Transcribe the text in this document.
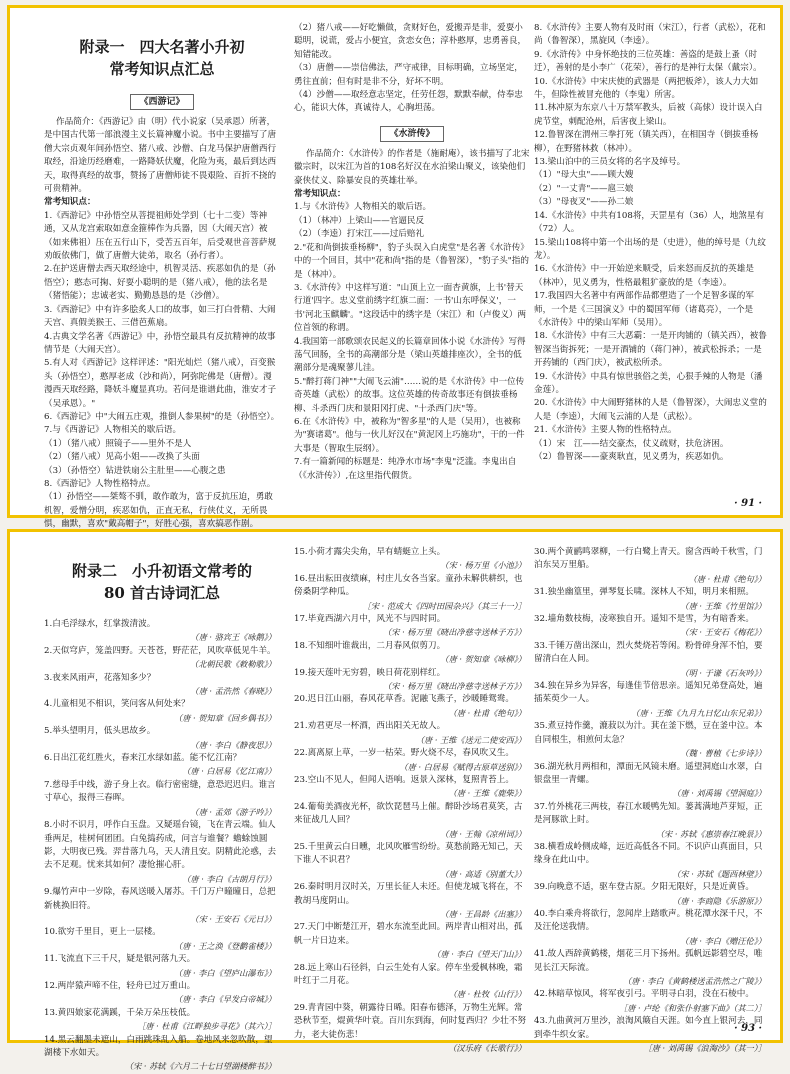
附录一　四大名著小升初
常考知识点汇总
《西游记》

作品简介：《西游记》由（明）代小说家（吴承恩）所著，是中国古代第一部浪漫主义长篇神魔小说。书中主要描写了唐僧大宗贞观年间孙悟空、猪八戒、沙僧、白龙马保护唐僧西行取经，沿途历经磨难，一路降妖伏魔，化险为夷，最后到达西天，取得真经的故事，赞扬了唐僧师徒不畏艰险、百折不挠的可贵精神。

常考知识点：

1.《西游记》中孙悟空从菩提祖师处学到（七十二变）等神通，又从龙宫索取如意金箍棒作为兵器，因（大闹天宫）被（如来佛祖）压在五行山下，受苦五百年，后受观世音菩萨规劝皈依佛门，做了唐僧大徒弟，取名（孙行者）。

2.在护送唐僧去西天取经途中，机智灵活、疾恶如仇的是（孙悟空）；憨态可掬、好耍小聪明的是（猪八戒），他的法名是（猪悟能）；忠诚老实、勤勤恳恳的是（沙僧）。

3.《西游记》中有许多脍炙人口的故事，如三打白骨精、大闹天宫、真假美猴王、三借芭蕉扇。

4.古典文学名著《西游记》中，孙悟空最具有反抗精神的故事情节是（大闹天宫）。

5.有人对《西游记》这样评述："阳光灿烂（猪八戒），百变猴头（孙悟空），憨厚老成（沙和尚），阿弥陀佛是（唐僧）。漫漫西天取经路，降妖斗魔显真功。若问是谁谱此曲，淮安才子（吴承恩）。"

6.《西游记》中"大闹五庄观，推倒人参果树"的是（孙悟空）。

7.与《西游记》人物相关的歇后语。

（1）（猪八戒）照镜子——里外不是人

（2）（猪八戒）见高小姐——改换了头面

（3）（孙悟空）钻进铁扇公主肚里——心腹之患

8.《西游记》人物性格特点。

（1）孙悟空——桀骜不驯，敢作敢为，富于反抗压迫，勇敢机智，爱憎分明，疾恶如仇，正直无私，行侠仗义，无所畏惧，幽默，喜欢"戴高帽子"，好胜心强，喜欢搞恶作剧。

（2）猪八戒——好吃懒做，贪财好色，爱搬弄是非，爱耍小聪明，说谎，爱占小便宜，贪恋女色；淳朴憨厚，忠勇善良，知错能改。

（3）唐僧——崇信佛法，严守戒律，目标明确，立场坚定，勇往直前；但有时是非不分，好坏不明。

（4）沙僧——取经意志坚定，任劳任怨，默默奉献，侍奉忠心，能识大体，真诚待人，心胸坦荡。

《水浒传》

作品简介：《水浒传》的作者是（施耐庵），该书描写了北宋徽宗时，以宋江为首的108名好汉在水泊梁山聚义，该染他们豪侠仗义、除暴安良的英雄壮举。

常考知识点：

1.与《水浒传》人物相关的歇后语。

（1）（林冲）上梁山——官逼民反

（2）（李逵）打宋江——过后赔礼

2."花和尚倒拔垂杨柳"，豹子头误入白虎堂"是名著《水浒传》中的一个回目，其中"花和尚"指的是（鲁智深），"豹子头"指的是（林冲）。

3.《水浒传》中这样写道："山顶上立一面杏黄旗，上书'替天行道'四字。忠义堂前绣字红旗二面：一书'山东呼保义'，一书'河北玉麒麟'。"这段话中的绣字是（宋江）和（卢俊义）两位首领的称谓。

4.我国第一部歌颂农民起义的长篇章回体小说《水浒传》写得荡气回肠，全书的高潮部分是（梁山英雄排座次），全书的低潮部分是魂聚蓼儿洼。

5."醉打蒋门神""大闹飞云浦"……说的是《水浒传》中一位传奇英雄（武松）的故事。这位英雄的传奇故事还有倒拔垂杨柳、斗杀西门庆和景阳冈打虎、"十杀西门庆"等。

6.在《水浒传》中，被称为"智多星"的人是（吴用），也被称为"赛诸葛"。他与一伙儿好汉在"黄泥冈上巧施功"，干的一件大事是（智取生辰纲）。

7.有一篇新闻的标题是：纯净水市场"李鬼"泛滥。李鬼出自（《水浒传》）,在这里指代假货。

8.《水浒传》主要人物有及时雨（宋江），行者（武松），花和尚（鲁智深），黑旋风（李逵）。

9.《水浒传》中身怀绝技的三位英雄：善盗的是鼓上蚤（时迁），善射的是小李广（花荣），善行的是神行太保（戴宗）。

10.《水浒传》中宋庆使的武器是（两把板斧），该人力大如牛，但除性被冒充他的（李鬼）所害。

11.林冲原为东京八十万禁军教头，后被（高俅）设计误入白虎节堂，刺配沧州，后害夜上梁山。

12.鲁智深在渭州三拳打死（镇关西），在相国寺（倒拔垂杨柳），在野猪林救（林冲）。

13.梁山泊中的三员女将的名字及绰号。

（1）"母大虫"——顾大嫂

（2）"一丈青"——扈三娘

（3）"母夜叉"——孙二娘

14.《水浒传》中共有108将，天罡星有（36）人，地煞星有（72）人。

15.梁山108将中第一个出场的是（史进），他的绰号是（九纹龙）。

16.《水浒传》中一开始逆来顺受，后来怒而反抗的英雄是（林冲），见义勇为，性格最粗犷豪放的是（李逵）。

17.我国四大名著中有两部作品都塑造了一个足智多谋的军师，一个是《三国演义》中的蜀国军师（诸葛亮），一个是《水浒传》中的梁山军师（吴用）。

18.《水浒传》中有三大恶霸：一是开肉铺的（镇关西），被鲁智深当街拆死；一是开酒铺的（蒋门神），被武松拆杀；一是开药铺的（西门庆），被武松所杀。

19.《水浒传》中具有惊世骇俗之美，心狠手辣的人物是（潘金莲）。

20.《水浒传》中大闹野猪林的人是（鲁智深），大闹忠义堂的人是（李逵），大闹飞云浦的人是（武松）。

21.《水浒传》主要人物的性格特点。

（1）宋　江——结交豪杰，仗义疏财，扶危济困。

（2）鲁智深——豪爽耿直，见义勇为，疾恶如仇。

· 91 ·
附录二　小升初语文常考的
80 首古诗词汇总

1.白毛浮绿水，红掌拨清波。

（唐 · 骆宾王《咏鹅》）

2.天似穹庐，笼盖四野。天苍苍，野茫茫，风吹草低见牛羊。

（北朝民歌《敕勒歌》）

3.夜来风雨声，花落知多少？

（唐 · 孟浩然《春晓》）

4.儿童相见不相识，笑问客从何处来？

（唐 · 贺知章《回乡偶书》）

5.举头望明月，低头思故乡。

（唐 · 李白《静夜思》）

6.日出江花红胜火，春来江水绿如蓝。能不忆江南？

（唐 · 白居易《忆江南》）

7.慈母手中线，游子身上衣。临行密密缝，意恐迟迟归。谁言寸草心，报得三春晖。

（唐 · 孟郊《游子吟》）

8.小时不识月，呼作白玉盘。又疑瑶台镜，飞在青云端。仙人垂两足，桂树何团团。白兔捣药成，问言与谁餐？蟾蜍蚀圆影，大明夜已残。羿昔落九乌，天人清且安。阴精此沦惑，去去不足观。忧来其如何？凄怆摧心肝。

（唐 · 李白《古朗月行》）

9.爆竹声中一岁除，春风送暖入屠苏。千门万户曈曈日，总把新桃换旧符。

（宋 · 王安石《元日》）

10.欲穷千里目，更上一层楼。

（唐 · 王之涣《登鹳雀楼》）

11.飞流直下三千尺，疑是银河落九天。

（唐 · 李白《望庐山瀑布》）

12.两岸猿声啼不住，轻舟已过万重山。

（唐 · 李白《早发白帝城》）

13.黄四娘家花满蹊，千朵万朵压枝低。

［唐 · 杜甫《江畔独步寻花》（其六）］

14.黑云翻墨未遮山，白雨跳珠乱入船。卷地风来忽吹散，望湖楼下水如天。

（宋 · 苏轼《六月二十七日望湖楼醉书》）

15.小荷才露尖尖角，早有蜻蜓立上头。

（宋 · 杨万里《小池》）

16.昼出耘田夜绩麻，村庄儿女各当家。童孙未解供耕织，也傍桑阴学种瓜。

［宋 · 范成大《四时田园杂兴》（其三十一）］

17.毕竟西湖六月中，风光不与四时同。

（宋 · 杨万里《晓出净慈寺送林子方》）

18.不知细叶谁裁出，二月春风似剪刀。

（唐 · 贺知章《咏柳》）

19.接天莲叶无穷碧，映日荷花别样红。

（宋 · 杨万里《晓出净慈寺送林子方》）

20.迟日江山丽，春风花草香。泥融飞燕子，沙暖睡鸳鸯。

（唐 · 杜甫《绝句》）

21.劝君更尽一杯酒，西出阳关无故人。

（唐 · 王维《送元二使安西》）

22.离离原上草，一岁一枯荣。野火烧不尽，春风吹又生。

（唐 · 白居易《赋得古原草送别》）

23.空山不见人，但闻人语响。返景入深林，复照青苔上。

（唐 · 王维《鹿柴》）

24.葡萄美酒夜光杯，欲饮琵琶马上催。醉卧沙场君莫笑，古来征战几人回？

（唐 · 王翰《凉州词》）

25.千里黄云白日曛，北风吹雁雪纷纷。莫愁前路无知己，天下谁人不识君？

（唐 · 高适《别董大》）

26.秦时明月汉时关，万里长征人未还。但使龙城飞将在，不教胡马度阴山。

（唐 · 王昌龄《出塞》）

27.天门中断楚江开，碧水东流至此回。两岸青山相对出，孤帆一片日边来。

（唐 · 李白《望天门山》）

28.远上寒山石径斜，白云生处有人家。停车坐爱枫林晚，霜叶红于二月花。

（唐 · 杜牧《山行》）

29.青青园中葵，朝露待日晞。阳春布德泽，万物生光辉。常恐秋节至，焜黄华叶衰。百川东到海，何时复西归？少壮不努力，老大徒伤悲！

（汉乐府《长歌行》）

30.两个黄鹂鸣翠柳，一行白鹭上青天。窗含西岭千秋雪，门泊东吴万里船。

（唐 · 杜甫《绝句》）

31.独坐幽篁里，弹琴复长啸。深林人不知，明月来相照。

（唐 · 王维《竹里馆》）

32.墙角数枝梅，凌寒独自开。遥知不是雪，为有暗香来。

（宋 · 王安石《梅花》）

33.千锤万凿出深山，烈火焚烧若等闲。粉骨碎身浑不怕，要留清白在人间。

（明 · 于谦《石灰吟》）

34.独在异乡为异客，每逢佳节倍思亲。遥知兄弟登高处，遍插茱萸少一人。

（唐 · 王维《九月九日忆山东兄弟》）

35.煮豆持作羹，漉菽以为汁。萁在釜下燃，豆在釜中泣。本自同根生，相煎何太急？

（魏 · 曹植《七步诗》）

36.湖光秋月两相和，潭面无风镜未磨。遥望洞庭山水翠，白银盘里一青螺。

（唐 · 刘禹锡《望洞庭》）

37.竹外桃花三两枝，春江水暖鸭先知。蒌蒿满地芦芽短，正是河豚欲上时。

（宋 · 苏轼《惠崇春江晚景》）

38.横看成岭侧成峰，远近高低各不同。不识庐山真面目，只缘身在此山中。

（宋 · 苏轼《题西林壁》）

39.向晚意不适，驱车登古原。夕阳无限好，只是近黄昏。

（唐 · 李商隐《乐游原》）

40.李白乘舟将欲行，忽闻岸上踏歌声。桃花潭水深千尺，不及汪伦送我情。

（唐 · 李白《赠汪伦》）

41.故人西辞黄鹤楼，烟花三月下扬州。孤帆远影碧空尽，唯见长江天际流。

（唐 · 李白《黄鹤楼送孟浩然之广陵》）

42.林暗草惊风，将军夜引弓。平明寻白羽，没在石棱中。

［唐 · 卢纶《和张仆射塞下曲》（其二）］

43.九曲黄河万里沙，浪淘风簸自天涯。如今直上银河去，同到牵牛织女家。

［唐 · 刘禹锡《浪淘沙》（其一）］

· 93 ·
